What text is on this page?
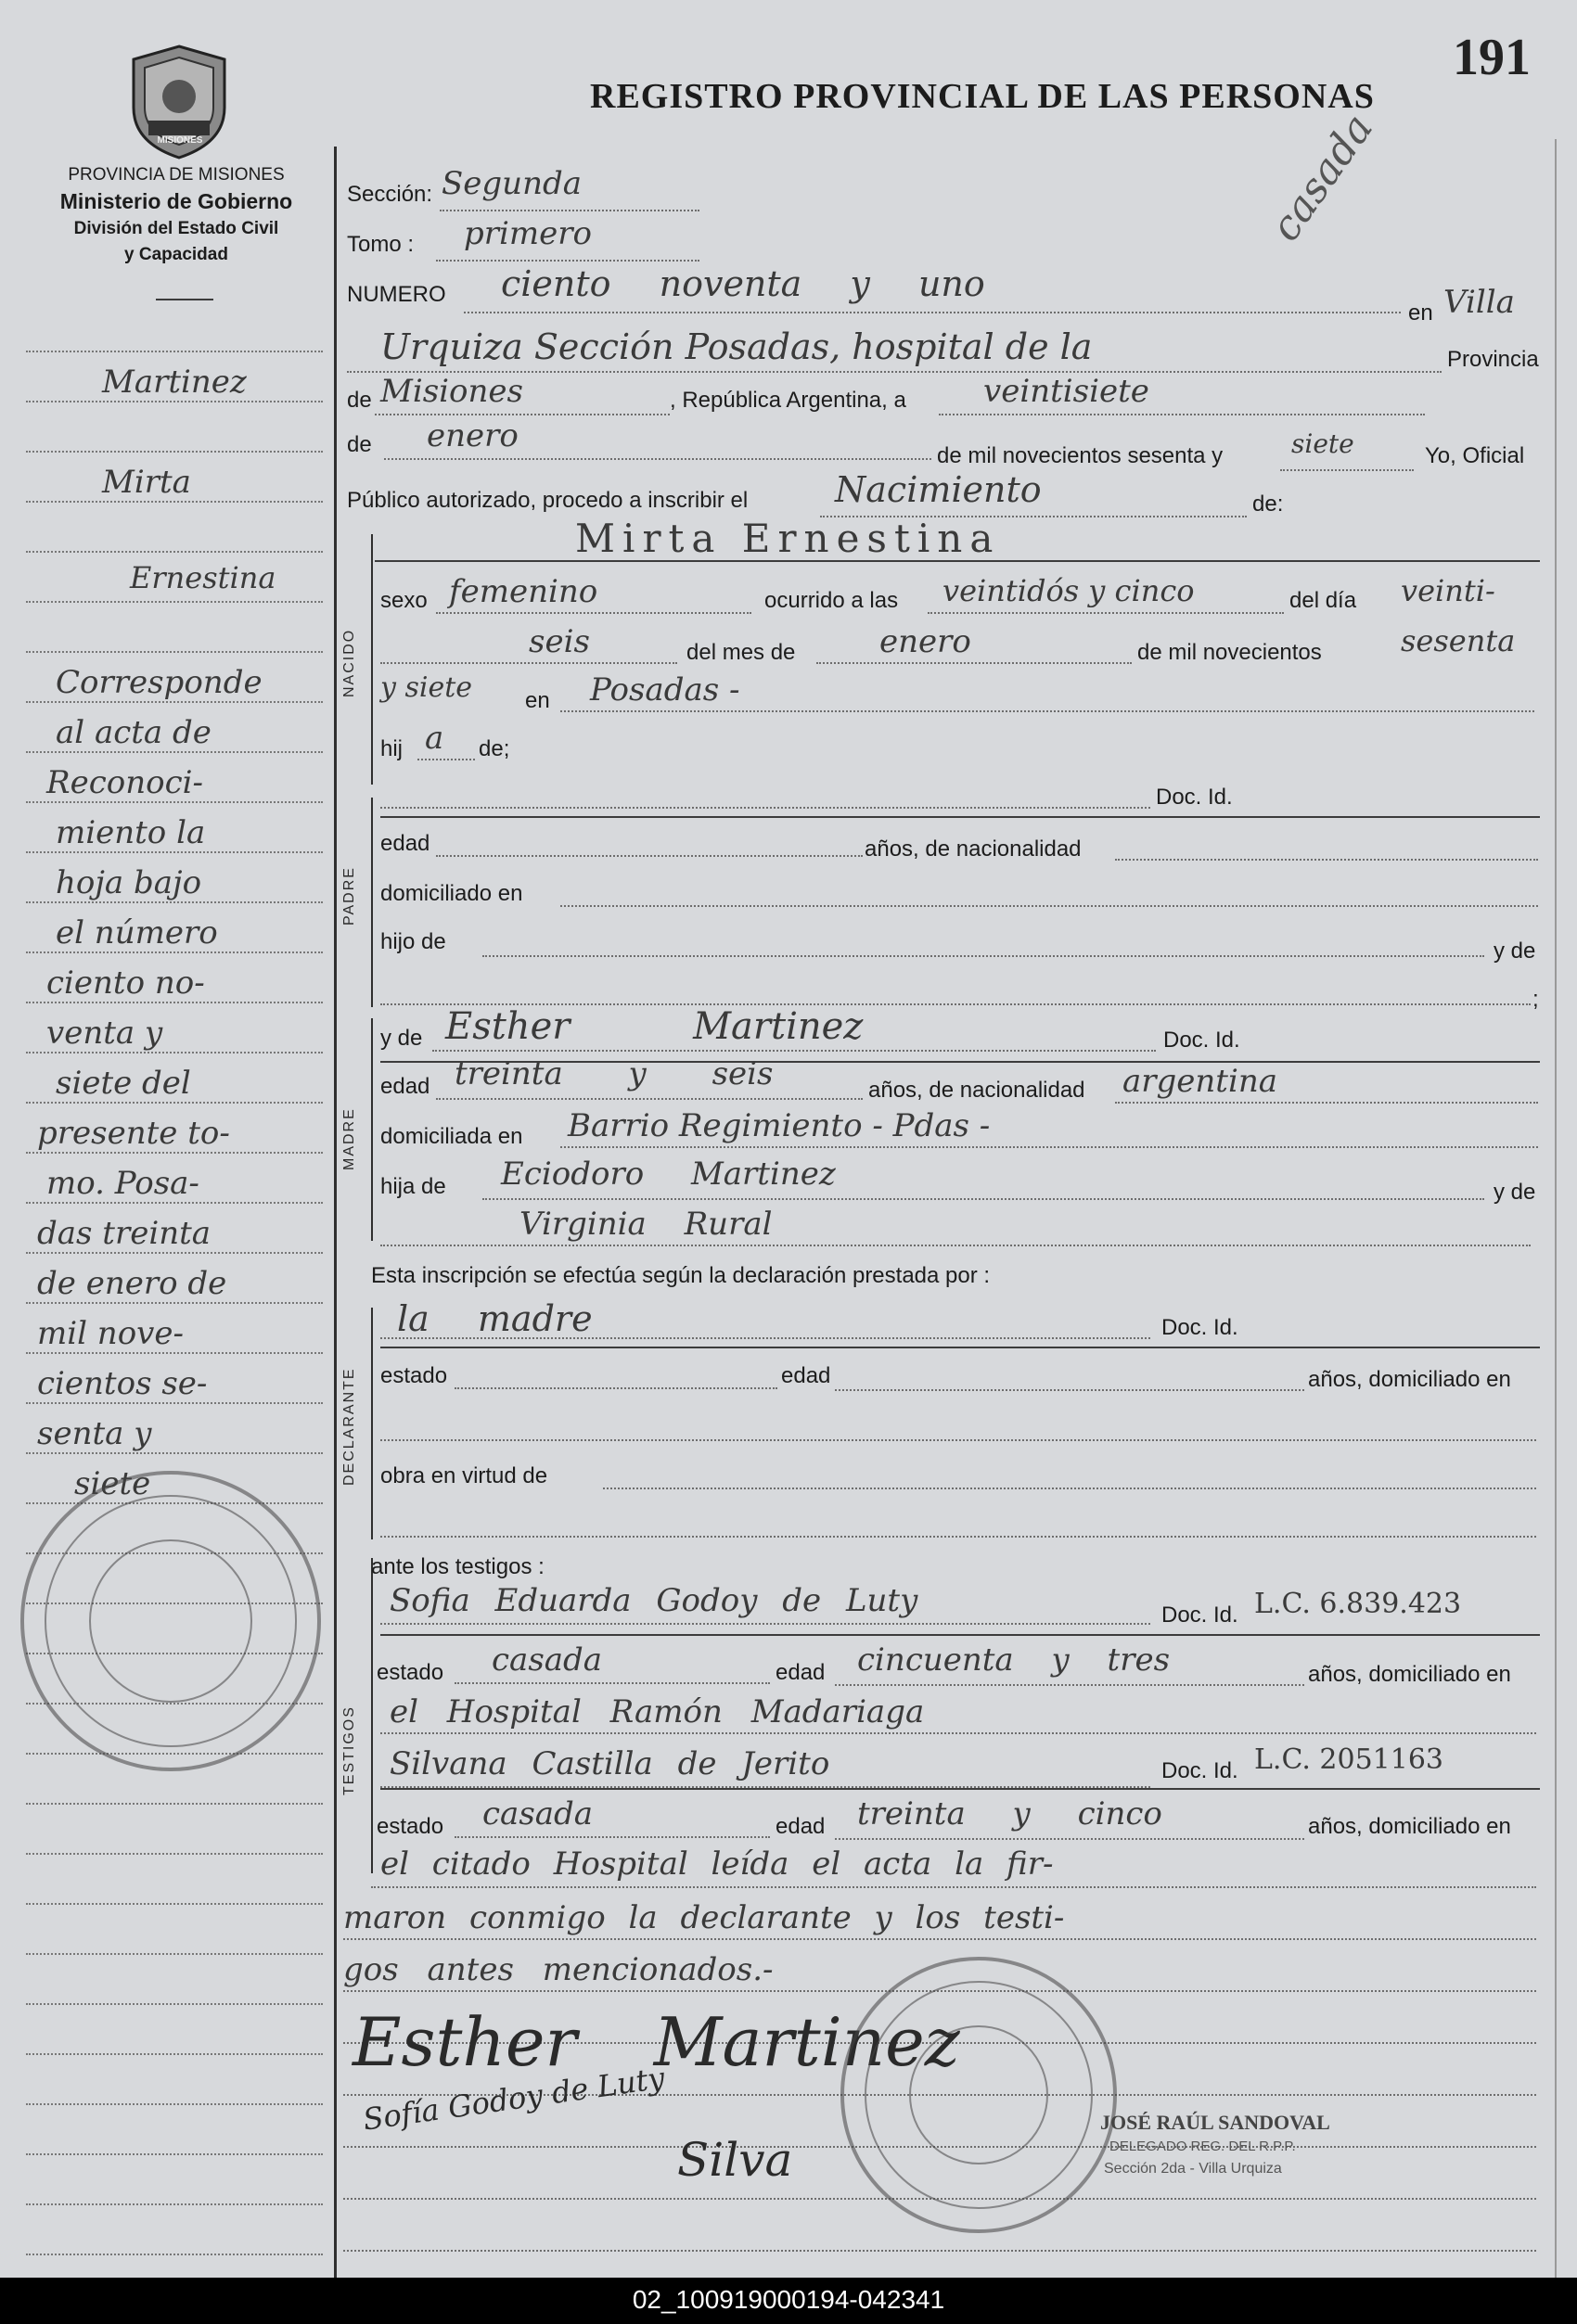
191
MISIONES
PROVINCIA DE MISIONES
Ministerio de Gobierno
División del Estado Civil
y Capacidad
REGISTRO PROVINCIAL DE LAS PERSONAS
casada
NACIDO
PADRE
MADRE
DECLARANTE
TESTIGOS
Martinez
Mirta
Ernestina
Corresponde
al acta de
Reconoci-
miento la
hoja bajo
el número
ciento no-
venta y
siete del
presente to-
mo. Posa-
das treinta
de enero de
mil nove-
cientos se-
senta y
siete
Sección: Segunda
Tomo : primero
NUMERO ciento noventa y uno
en Villa
Urquiza Sección Posadas, hospital de la	Provincia
de Misiones	, República Argentina, a veintisiete
de enero
de mil novecientos sesenta y	siete	Yo, Oficial
Público autorizado, procedo a inscribir el Nacimiento	de:
Mirta Ernestina
sexo femenino	ocurrido a las veintidós y cinco	del día veinti-
seis	del mes de	enero	de mil novecientos	sesenta
y siete en Posadas -
hij a de;
Doc. Id.
edad	años, de nacionalidad
domiciliado en
hijo de	y de
;
y de Esther Martinez	Doc. Id.
edad treinta y seis	años, de nacionalidad argentina
domiciliada en Barrio Regimiento - Pdas -
hija de Eciodoro Martinez	y de
Virginia Rural
Esta inscripción se efectúa según la declaración prestada por :
la madre	Doc. Id.
estado	edad	años, domiciliado en
obra en virtud de
ante los testigos :
Sofia Eduarda Godoy de Luty	Doc. Id. L.C. 6.839.423
estado casada	edad cincuenta y tres	años, domiciliado en
el Hospital Ramón Madariaga
Silvana Castilla de Jerito	Doc. Id. L.C. 2051163
estado casada	edad treinta y cinco	años, domiciliado en
el citado Hospital leída el acta la fir-
maron conmigo la declarante y los testi-
gos antes mencionados.-
Esther Martinez
Sofía Godoy de Luty
Silva
JOSÉ RAÚL SANDOVAL
DELEGADO REG. DEL R.P.P.
Sección 2da - Villa Urquiza
02_100919000194-042341
